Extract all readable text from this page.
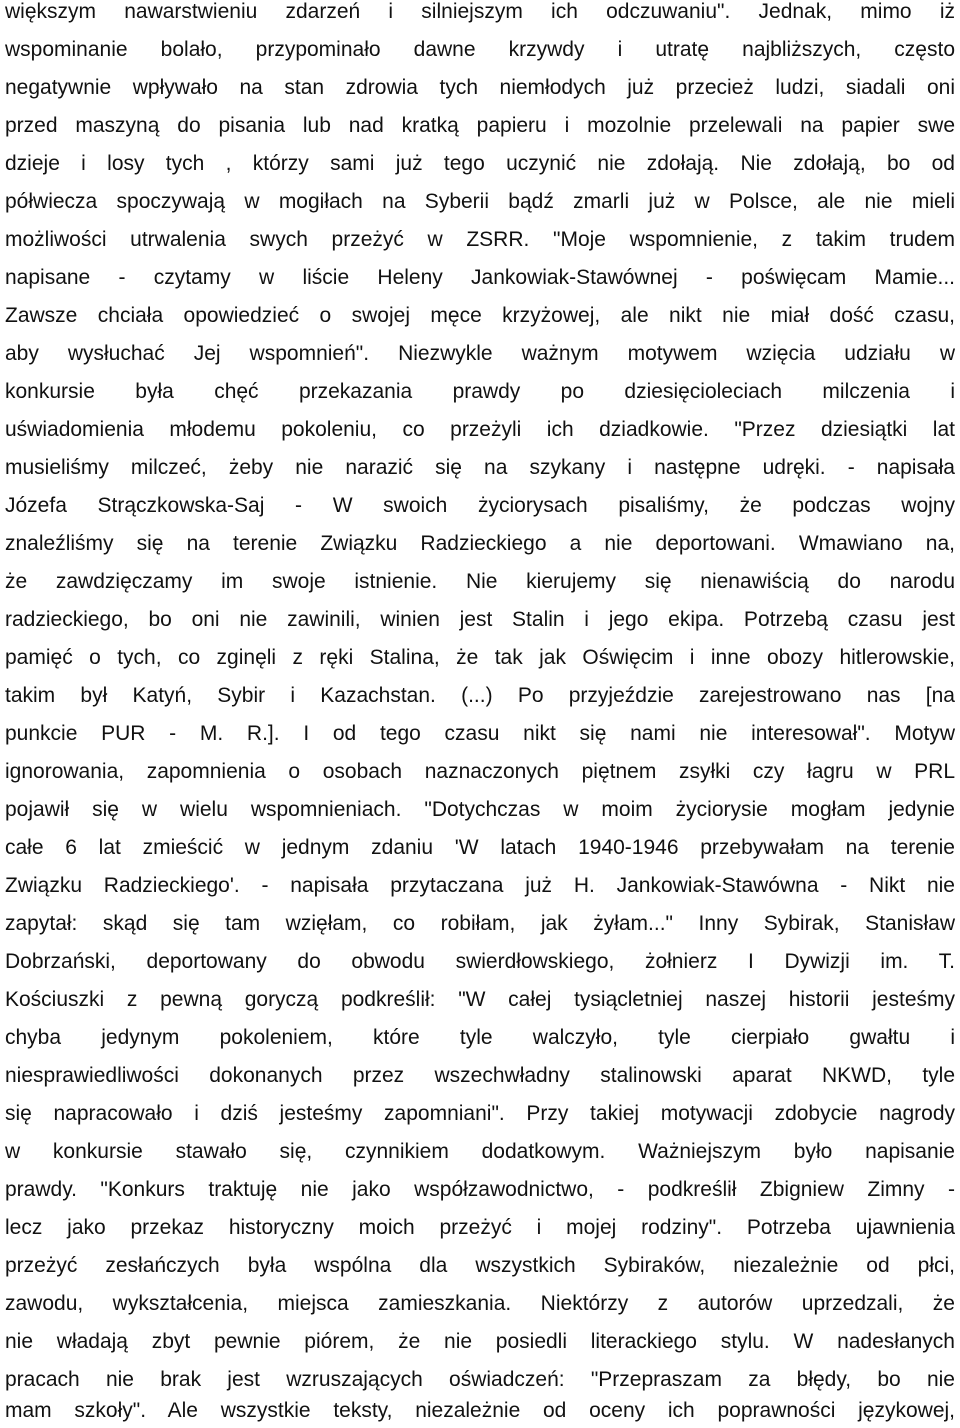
większym nawarstwieniu zdarzeń i silniejszym ich odczuwaniu". Jednak, mimo iż
wspominanie bolało, przypominało dawne krzywdy i utratę najbliższych, często
negatywnie wpływało na stan zdrowia tych niemłodych już przecież ludzi, siadali oni
przed maszyną do pisania lub nad kratką papieru i mozolnie przelewali na papier swe
dzieje i losy tych , którzy sami już tego uczynić nie zdołają. Nie zdołają, bo od
półwiecza spoczywają w mogiłach na Syberii bądź zmarli już w Polsce, ale nie mieli
możliwości utrwalenia swych przeżyć w ZSRR. "Moje wspomnienie, z takim trudem
napisane - czytamy w liście Heleny Jankowiak-Stawównej - poświęcam Mamie...
Zawsze chciała opowiedzieć o swojej męce krzyżowej, ale nikt nie miał dość czasu,
aby wysłuchać Jej wspomnień". Niezwykle ważnym motywem wzięcia udziału w
konkursie była chęć przekazania prawdy po dziesięcioleciach milczenia i
uświadomienia młodemu pokoleniu, co przeżyli ich dziadkowie. "Przez dziesiątki lat
musieliśmy milczeć, żeby nie narazić się na szykany i następne udręki. - napisała
Józefa Strączkowska-Saj - W swoich życiorysach pisaliśmy, że podczas wojny
znaleźliśmy się na terenie Związku Radzieckiego a nie deportowani. Wmawiano na,
że zawdzięczamy im swoje istnienie. Nie kierujemy się nienawiścią do narodu
radzieckiego, bo oni nie zawinili, winien jest Stalin i jego ekipa. Potrzebą czasu jest
pamięć o tych, co zginęli z ręki Stalina, że tak jak Oświęcim i inne obozy hitlerowskie,
takim był Katyń, Sybir i Kazachstan. (...) Po przyjeździe zarejestrowano nas [na
punkcie PUR - M. R.]. I od tego czasu nikt się nami nie interesował". Motyw
ignorowania, zapomnienia o osobach naznaczonych piętnem zsyłki czy łagru w PRL
pojawił się w wielu wspomnieniach. "Dotychczas w moim życiorysie mogłam jedynie
całe 6 lat zmieścić w jednym zdaniu 'W latach 1940-1946 przebywałam na terenie
Związku Radzieckiego'. - napisała przytaczana już H. Jankowiak-Stawówna - Nikt nie
zapytał: skąd się tam wzięłam, co robiłam, jak żyłam..." Inny Sybirak, Stanisław
Dobrzański, deportowany do obwodu swierdłowskiego, żołnierz I Dywizji im. T.
Kościuszki z pewną goryczą podkreślił: "W całej tysiącletniej naszej historii jesteśmy
chyba jedynym pokoleniem, które tyle walczyło, tyle cierpiało gwałtu i
niesprawiedliwości dokonanych przez wszechwładny stalinowski aparat NKWD, tyle
się napracowało i dziś jesteśmy zapomniani". Przy takiej motywacji zdobycie nagrody
w konkursie stawało się, czynnikiem dodatkowym. Ważniejszym było napisanie
prawdy. "Konkurs traktuję nie jako współzawodnictwo, - podkreślił Zbigniew Zimny -
lecz jako przekaz historyczny moich przeżyć i mojej rodziny". Potrzeba ujawnienia
przeżyć zesłańczych była wspólna dla wszystkich Sybiraków, niezależnie od płci,
zawodu, wykształcenia, miejsca zamieszkania. Niektórzy z autorów uprzedzali, że
nie władają zbyt pewnie piórem, że nie posiedli literackiego stylu. W nadesłanych
pracach nie brak jest wzruszających oświadczeń: "Przepraszam za błędy, bo nie
mam szkoły". Ale wszystkie teksty, niezależnie od oceny ich poprawności językowej,
